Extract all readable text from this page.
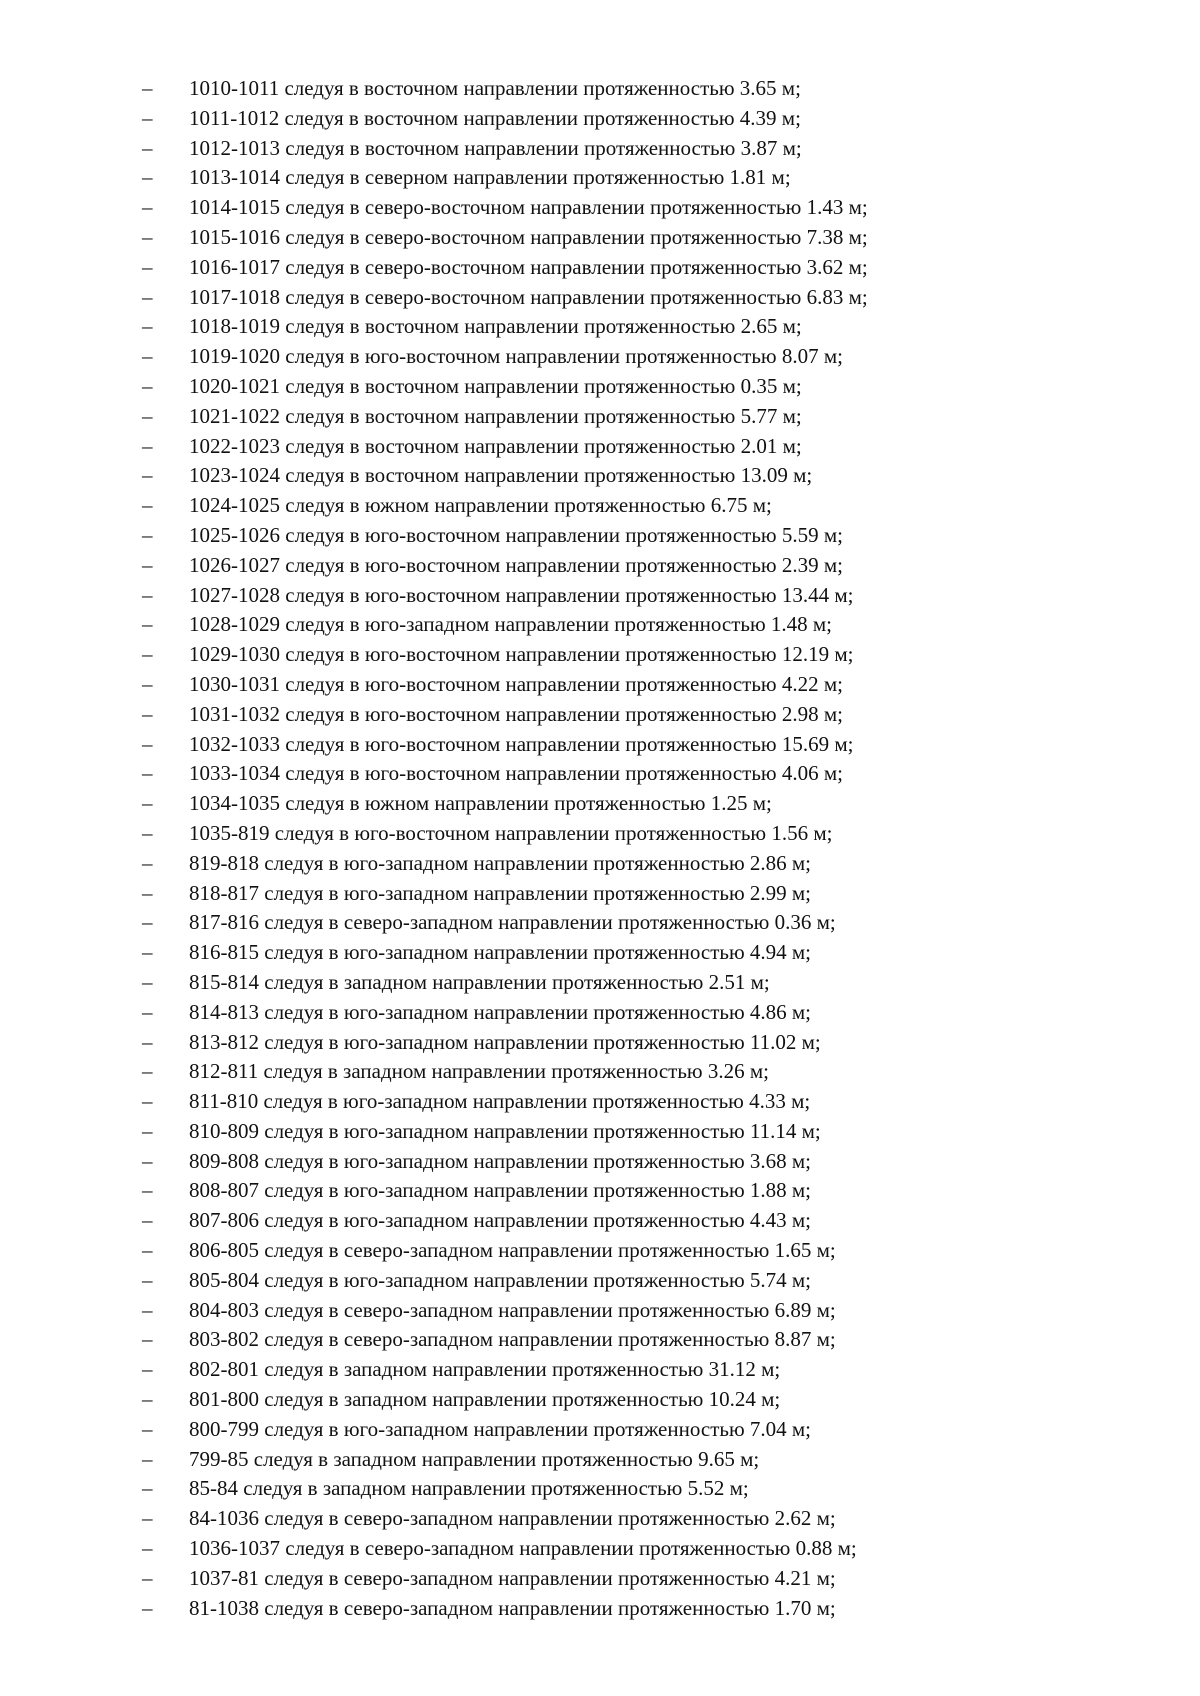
–	1010-1011 следуя в восточном направлении протяженностью 3.65 м;
–	1011-1012 следуя в восточном направлении протяженностью 4.39 м;
–	1012-1013 следуя в восточном направлении протяженностью 3.87 м;
–	1013-1014 следуя в северном направлении протяженностью 1.81 м;
–	1014-1015 следуя в северо-восточном направлении протяженностью 1.43 м;
–	1015-1016 следуя в северо-восточном направлении протяженностью 7.38 м;
–	1016-1017 следуя в северо-восточном направлении протяженностью 3.62 м;
–	1017-1018 следуя в северо-восточном направлении протяженностью 6.83 м;
–	1018-1019 следуя в восточном направлении протяженностью 2.65 м;
–	1019-1020 следуя в юго-восточном направлении протяженностью 8.07 м;
–	1020-1021 следуя в восточном направлении протяженностью 0.35 м;
–	1021-1022 следуя в восточном направлении протяженностью 5.77 м;
–	1022-1023 следуя в восточном направлении протяженностью 2.01 м;
–	1023-1024 следуя в восточном направлении протяженностью 13.09 м;
–	1024-1025 следуя в южном направлении протяженностью 6.75 м;
–	1025-1026 следуя в юго-восточном направлении протяженностью 5.59 м;
–	1026-1027 следуя в юго-восточном направлении протяженностью 2.39 м;
–	1027-1028 следуя в юго-восточном направлении протяженностью 13.44 м;
–	1028-1029 следуя в юго-западном направлении протяженностью 1.48 м;
–	1029-1030 следуя в юго-восточном направлении протяженностью 12.19 м;
–	1030-1031 следуя в юго-восточном направлении протяженностью 4.22 м;
–	1031-1032 следуя в юго-восточном направлении протяженностью 2.98 м;
–	1032-1033 следуя в юго-восточном направлении протяженностью 15.69 м;
–	1033-1034 следуя в юго-восточном направлении протяженностью 4.06 м;
–	1034-1035 следуя в южном направлении протяженностью 1.25 м;
–	1035-819 следуя в юго-восточном направлении протяженностью 1.56 м;
–	819-818 следуя в юго-западном направлении протяженностью 2.86 м;
–	818-817 следуя в юго-западном направлении протяженностью 2.99 м;
–	817-816 следуя в северо-западном направлении протяженностью 0.36 м;
–	816-815 следуя в юго-западном направлении протяженностью 4.94 м;
–	815-814 следуя в западном направлении протяженностью 2.51 м;
–	814-813 следуя в юго-западном направлении протяженностью 4.86 м;
–	813-812 следуя в юго-западном направлении протяженностью 11.02 м;
–	812-811 следуя в западном направлении протяженностью 3.26 м;
–	811-810 следуя в юго-западном направлении протяженностью 4.33 м;
–	810-809 следуя в юго-западном направлении протяженностью 11.14 м;
–	809-808 следуя в юго-западном направлении протяженностью 3.68 м;
–	808-807 следуя в юго-западном направлении протяженностью 1.88 м;
–	807-806 следуя в юго-западном направлении протяженностью 4.43 м;
–	806-805 следуя в северо-западном направлении протяженностью 1.65 м;
–	805-804 следуя в юго-западном направлении протяженностью 5.74 м;
–	804-803 следуя в северо-западном направлении протяженностью 6.89 м;
–	803-802 следуя в северо-западном направлении протяженностью 8.87 м;
–	802-801 следуя в западном направлении протяженностью 31.12 м;
–	801-800 следуя в западном направлении протяженностью 10.24 м;
–	800-799 следуя в юго-западном направлении протяженностью 7.04 м;
–	799-85 следуя в западном направлении протяженностью 9.65 м;
–	85-84 следуя в западном направлении протяженностью 5.52 м;
–	84-1036 следуя в северо-западном направлении протяженностью 2.62 м;
–	1036-1037 следуя в северо-западном направлении протяженностью 0.88 м;
–	1037-81 следуя в северо-западном направлении протяженностью 4.21 м;
–	81-1038 следуя в северо-западном направлении протяженностью 1.70 м;
